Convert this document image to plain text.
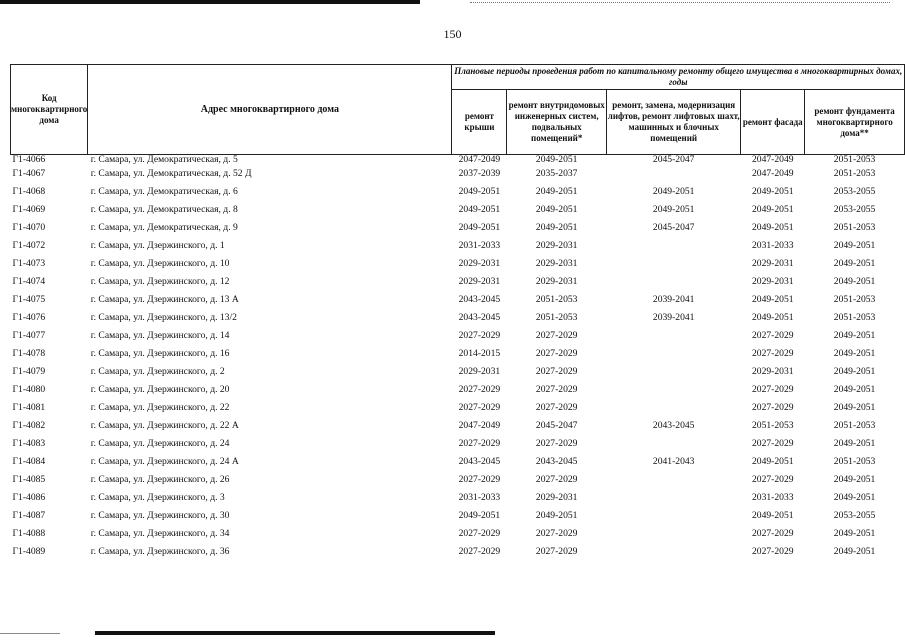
150
Код многоквартирного дома	Адрес многоквартирного дома	Плановые периоды проведения работ по капитальному ремонту общего имущества в многоквартирных домах, годы				
		ремонт крыши	ремонт внутридомовых инженерных систем, подвальных помещений*	ремонт, замена, модернизация лифтов, ремонт лифтовых шахт, машинных и блочных помещений	ремонт фасада	ремонт фундамента многоквартирного дома**
Г1-4066	г. Самара, ул. Демократическая, д. 5	2047-2049	2049-2051	2045-2047	2047-2049	2051-2053
Г1-4067	г. Самара, ул. Демократическая, д. 52 Д	2037-2039	2035-2037		2047-2049	2051-2053
Г1-4068	г. Самара, ул. Демократическая, д. 6	2049-2051	2049-2051	2049-2051	2049-2051	2053-2055
Г1-4069	г. Самара, ул. Демократическая, д. 8	2049-2051	2049-2051	2049-2051	2049-2051	2053-2055
Г1-4070	г. Самара, ул. Демократическая, д. 9	2049-2051	2049-2051	2045-2047	2049-2051	2051-2053
Г1-4072	г. Самара, ул. Дзержинского, д. 1	2031-2033	2029-2031		2031-2033	2049-2051
Г1-4073	г. Самара, ул. Дзержинского, д. 10	2029-2031	2029-2031		2029-2031	2049-2051
Г1-4074	г. Самара, ул. Дзержинского, д. 12	2029-2031	2029-2031		2029-2031	2049-2051
Г1-4075	г. Самара, ул. Дзержинского, д. 13 А	2043-2045	2051-2053	2039-2041	2049-2051	2051-2053
Г1-4076	г. Самара, ул. Дзержинского, д. 13/2	2043-2045	2051-2053	2039-2041	2049-2051	2051-2053
Г1-4077	г. Самара, ул. Дзержинского, д. 14	2027-2029	2027-2029		2027-2029	2049-2051
Г1-4078	г. Самара, ул. Дзержинского, д. 16	2014-2015	2027-2029		2027-2029	2049-2051
Г1-4079	г. Самара, ул. Дзержинского, д. 2	2029-2031	2027-2029		2029-2031	2049-2051
Г1-4080	г. Самара, ул. Дзержинского, д. 20	2027-2029	2027-2029		2027-2029	2049-2051
Г1-4081	г. Самара, ул. Дзержинского, д. 22	2027-2029	2027-2029		2027-2029	2049-2051
Г1-4082	г. Самара, ул. Дзержинского, д. 22 А	2047-2049	2045-2047	2043-2045	2051-2053	2051-2053
Г1-4083	г. Самара, ул. Дзержинского, д. 24	2027-2029	2027-2029		2027-2029	2049-2051
Г1-4084	г. Самара, ул. Дзержинского, д. 24 А	2043-2045	2043-2045	2041-2043	2049-2051	2051-2053
Г1-4085	г. Самара, ул. Дзержинского, д. 26	2027-2029	2027-2029		2027-2029	2049-2051
Г1-4086	г. Самара, ул. Дзержинского, д. 3	2031-2033	2029-2031		2031-2033	2049-2051
Г1-4087	г. Самара, ул. Дзержинского, д. 30	2049-2051	2049-2051		2049-2051	2053-2055
Г1-4088	г. Самара, ул. Дзержинского, д. 34	2027-2029	2027-2029		2027-2029	2049-2051
Г1-4089	г. Самара, ул. Дзержинского, д. 36	2027-2029	2027-2029		2027-2029	2049-2051
